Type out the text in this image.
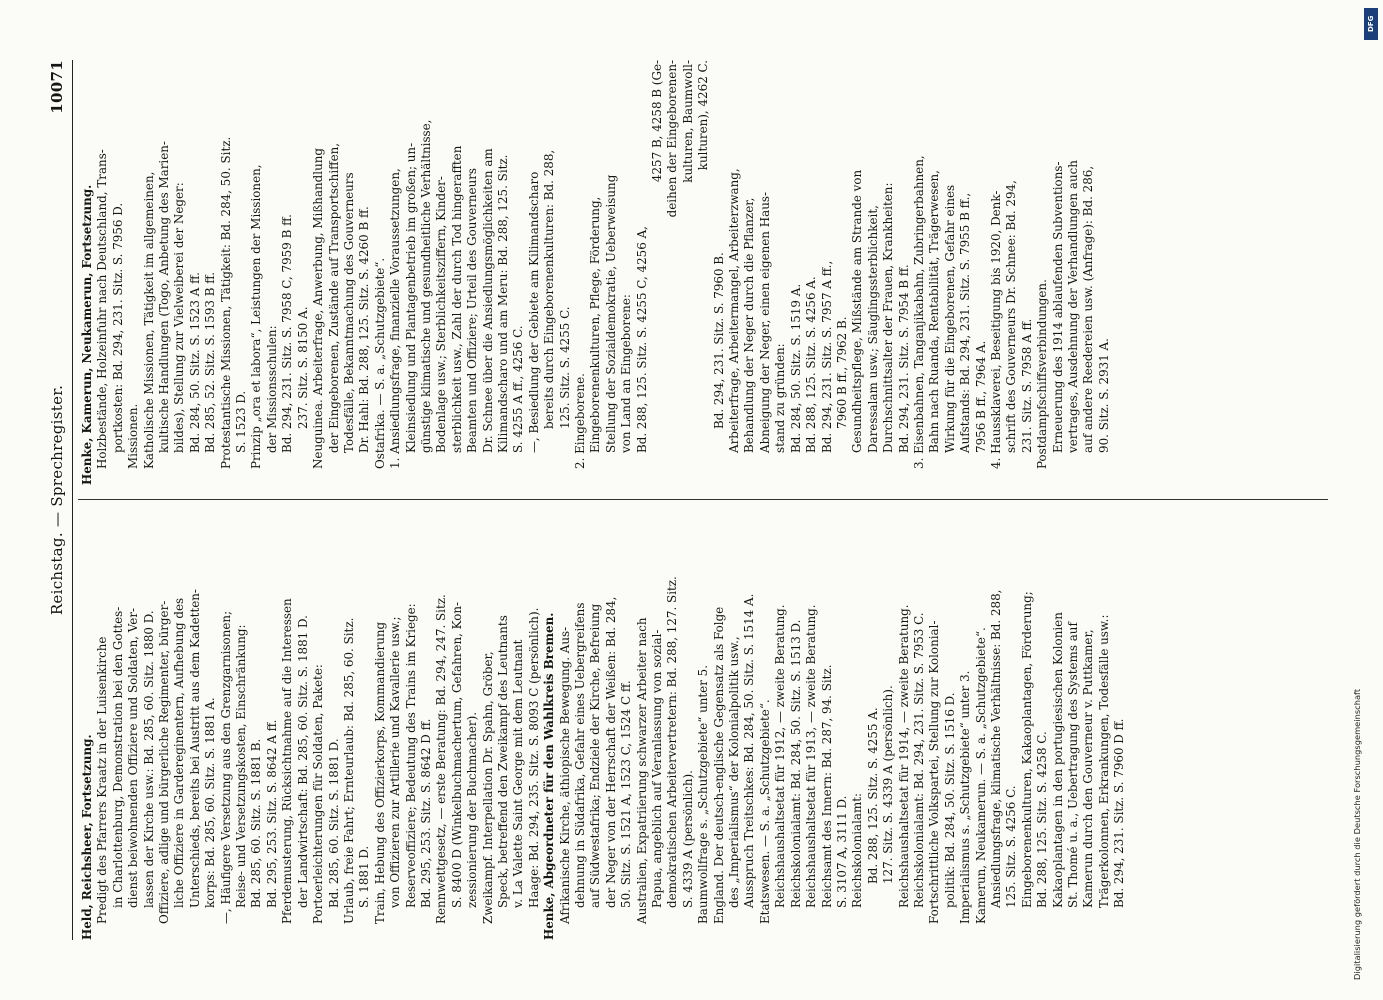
Reichstag. — Sprechregister.
10071
Held, Reichsheer, Fortsetzung. Predigt des Pfarrers Kraatz in der Luisenkirche in Charlottenburg, Demonstration bei den Gottes- dienst beiwohnenden Offiziere und Soldaten, Ver- lassen der Kirche usw.: Bd. 285, 60. Sitz. 1880 D. Offiziere, adlige und bürgerliche Regimenter, bürger- liche Offiziere in Gardereginentern, Aufhebung des Unterschieds, bereits bei Austritt aus dem Kadetten- korps: Bd. 285, 60. Sitz. S. 1881 A. —, Häufigere Versetzung aus den Grenzgarnisonen; Reise- und Versetzungskosten, Einschränkung: Bd. 285, 60. Sitz. S. 1881 B. Bd. 295, 253. Sitz. S. 8642 A ff. Pferdemusterung, Rücksichtnahme auf die Interessen der Landwirtschaft: Bd. 285, 60. Sitz. S. 1881 D. Portoerleichterungen für Soldaten, Pakete: Bd. 285, 60. Sitz. S. 1881 D. Urlaub, freie Fahrt; Ernteurlaub: Bd. 285, 60. Sitz. S. 1881 D. Train, Hebung des Offizierkorps, Kommandierung von Offizieren zur Artillerie und Kavallerie usw.; Reserveoffiziere; Bedeutung des Trains im Kriege: Bd. 295, 253. Sitz. S. 8642 D ff. Rennwettgesetz, — erste Beratung: Bd. 294, 247. Sitz. S. 8400 D (Winkelbuchmachertum, Gefahren, Kon- zessionierung der Buchmacher). Zweikampf. Interpellation Dr. Spahn, Gröber, Speck, betreffend den Zweikampf des Leutnants v. La Valette Saint George mit dem Leutnant Haage: Bd. 294, 235. Sitz. S. 8093 C (persönlich). Henke, Abgeordneter für den Wahlkreis Bremen. Afrikanische Kirche, äthiopische Bewegung. Aus- dehnung in Südafrika, Gefahr eines Uebergreifens auf Südwestafrika; Endziele der Kirche, Befreiung der Neger von der Herrschaft der Weißen: Bd. 284, 50. Sitz. S. 1521 A, 1523 C, 1524 C ff. Australien, Expatriierung schwarzer Arbeiter nach Papua, angeblich auf Veranlassung von sozial- demokratischen Arbeitervertretern: Bd. 288, 127. Sitz. S. 4339 A (persönlich). Baumwollfrage s. „Schutzgebiete“ unter 5. England. Der deutsch-englische Gegensatz als Folge des „Imperialismus“ der Kolonialpolitik usw., Ausspruch Treitschkes: Bd. 284, 50. Sitz. S. 1514 A. Etatswesen. — S. a. „Schutzgebiete“. Reichshaushaltsetat für 1912, — zweite Beratung. Reichskolonialamt: Bd. 284, 50. Sitz. S. 1513 D. Reichshaushaltsetat für 1913, — zweite Beratung. Reichsamt des Innern: Bd. 287, 94. Sitz. S. 3107 A, 3111 D. Reichskolonialamt: Bd. 288, 125. Sitz. S. 4255 A. 127. Sitz. S. 4339 A (persönlich). Reichshaushaltsetat für 1914, — zweite Beratung. Reichskolonialamt: Bd. 294, 231. Sitz. S. 7953 C. Fortschrittliche Volkspartei, Stellung zur Kolonial- politik: Bd. 284, 50. Sitz. S. 1516 D. Imperialismus s. „Schutzgebiete“ unter 3. Kamerun, Neukamerun. — S. a. „Schutzgebiete“. Ansiedlungsfrage, klimatische Verhältnisse: Bd. 288, 125. Sitz. S. 4256 C. Eingeborenenkulturen, Kakaoplantagen, Förderung; Bd. 288, 125. Sitz. S. 4258 C. Kakaoplantagen in den portugiesischen Kolonien St. Thomé u. a., Uebertragung des Systems auf Kamerun durch den Gouverneur v. Puttkamer, Trägerkolonnen, Erkrankungen, Todesfälle usw.: Bd. 294, 231. Sitz. S. 7960 D ff.
Henke, Kamerun, Neukamerun, Fortsetzung. Holzbestände, Holzeinfuhr nach Deutschland, Trans- portkosten: Bd. 294, 231. Sitz. S. 7956 D. Missionen. Katholische Missionen, Tätigkeit im allgemeinen, kultische Handlungen (Togo, Anbetung des Marien- bildes), Stellung zur Vielweiberei der Neger: Bd. 284, 50. Sitz. S. 1523 A ff. Bd. 285, 52. Sitz. S. 1593 B ff. Protestantische Missionen, Tätigkeit: Bd. 284, 50. Sitz. S. 1523 D. Prinzip „ora et labora“, Leistungen der Missionen, der Missionsschulen: Bd. 294, 231. Sitz. S. 7958 C, 7959 B ff. 237. Sitz. S. 8150 A. Neuguinea. Arbeiterfrage, Anwerbung, Mißhandlung der Eingeborenen, Zustände auf Transportschiffen, Todesfälle, Bekanntmachung des Gouverneurs Dr. Hahl: Bd. 288, 125. Sitz. S. 4260 B ff. Ostafrika. — S. a. „Schutzgebiete“. 1. Ansiedlungsfrage, finanzielle Voraussetzungen, Kleinsiedlung und Plantagenbetrieb im großen; un- günstige klimatische und gesundheitliche Verhältnisse, Bodenlage usw.; Sterblichkeitsziffern, Kinder- sterblichkeit usw., Zahl der durch Tod hingerafften Beamten und Offiziere; Urteil des Gouverneurs Dr. Schnee über die Ansiedlungsmöglichkeiten am Kilimandscharo und am Meru: Bd. 288, 125. Sitz. S. 4255 A ff., 4256 C. —, Besiedlung der Gebiete am Kilimandscharo bereits durch Eingeborenenkulturen: Bd. 288, 125. Sitz. S. 4255 C. 2. Eingeborene. Eingeborenenkulturen, Pflege, Förderung, Stellung der Sozialdemokratie, Ueberweisung von Land an Eingeborene: Bd. 288, 125. Sitz. S. 4255 C, 4256 A,
4257 B, 4258 B (Ge- deihen der Eingeborenen- kulturen, Baumwoll- kulturen), 4262 C.
Bd. 294, 231. Sitz. S. 7960 B. Arbeiterfrage, Arbeitermangel, Arbeiterzwang, Behandlung der Neger durch die Pflanzer, Abneigung der Neger, einen eigenen Haus- stand zu gründen: Bd. 284, 50. Sitz. S. 1519 A. Bd. 288, 125. Sitz. S. 4256 A. Bd. 294, 231. Sitz. S. 7957 A ff., 7960 B ff., 7962 B. Gesundheitspflege, Mißstände am Strande von Daressalam usw.; Säuglingssterblichkeit, Durchschnittsalter der Frauen, Krankheiten: Bd. 294, 231. Sitz. S. 7954 B ff. 3. Eisenbahnen, Tanganjikabahn, Zubringerbahnen, Bahn nach Ruanda, Rentabilität, Trägerwesen, Wirkung für die Eingeborenen, Gefahr eines Aufstands: Bd. 294, 231. Sitz. S. 7955 B ff., 7956 B ff., 7964 A. 4. Haussklaverei, Beseitigung bis 1920, Denk- schrift des Gouverneurs Dr. Schnee: Bd. 294, 231. Sitz. S. 7958 A ff. Postdampfschiffsverbindungen. Erneuerung des 1914 ablaufenden Subventions- vertrages, Ausdehnung der Verhandlungen auch auf andere Reedereien usw. (Anfrage): Bd. 286, 90. Sitz. S. 2931 A.
DFG
Digitalisierung gefördert durch die Deutsche Forschungsgemeinschaft
